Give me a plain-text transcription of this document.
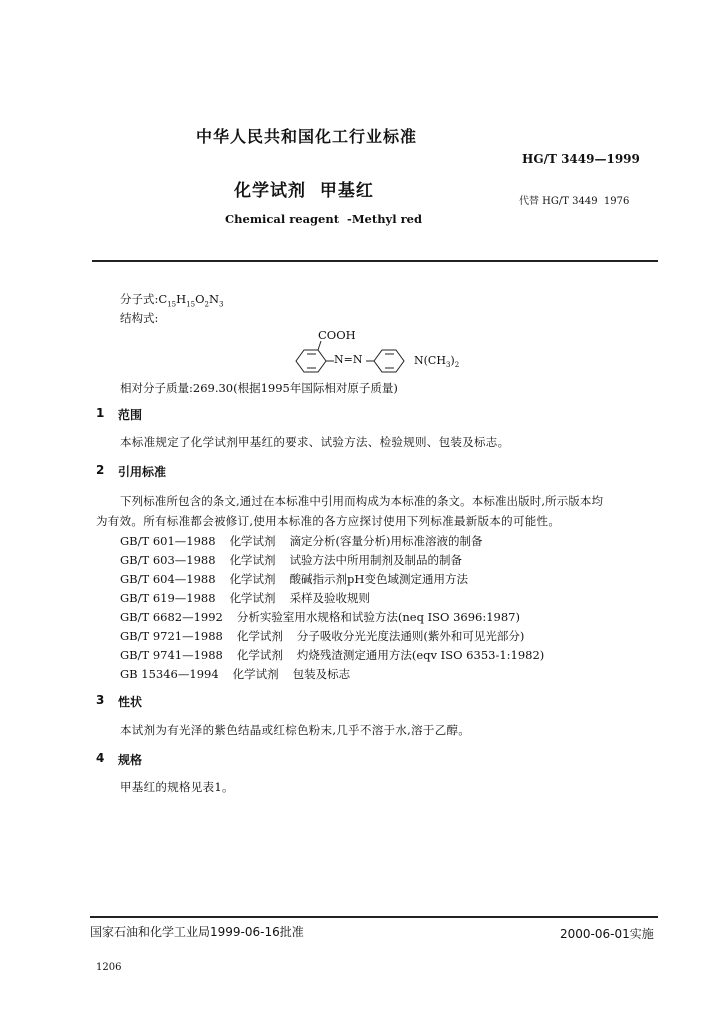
中华人民共和国化工行业标准
HG/T 3449—1999
化学试剂  甲基红
代替 HG/T 3449  1976
Chemical reagent  -Methyl red
分子式$:C_{15}H_{15}O_2N_3$
结构式:
COOH
N=N	$N(CH_3)_2$
相对分子质量:269.30(根据1995年国际相对原子质量)
1 范围
本标准规定了化学试剂甲基红的要求、试验方法、检验规则、包装及标志。
2 引用标准
下列标准所包含的条文,通过在本标准中引用而构成为本标准的条文。本标准出版时,所示版本均
为有效。所有标准都会被修订,使用本标准的各方应探讨使用下列标准最新版本的可能性。
GB/T 601—1988 化学试剂 滴定分析(容量分析)用标准溶液的制备
GB/T 603—1988 化学试剂 试验方法中所用制剂及制品的制备
GB/T 604—1988 化学试剂 酸碱指示剂pH变色域测定通用方法
GB/T 619—1988 化学试剂 采样及验收规则
GB/T 6682—1992 分析实验室用水规格和试验方法(neq ISO 3696:1987)
GB/T 9721—1988 化学试剂 分子吸收分光光度法通则(紫外和可见光部分)
GB/T 9741—1988 化学试剂 灼烧残渣测定通用方法(eqv ISO 6353-1:1982)
GB 15346—1994 化学试剂 包装及标志
3 性状
本试剂为有光泽的紫色结晶或红棕色粉末,几乎不溶于水,溶于乙醇。
4 规格
甲基红的规格见表1。
国家石油和化学工业局1999-06-16批准	2000-06-01实施
1206
